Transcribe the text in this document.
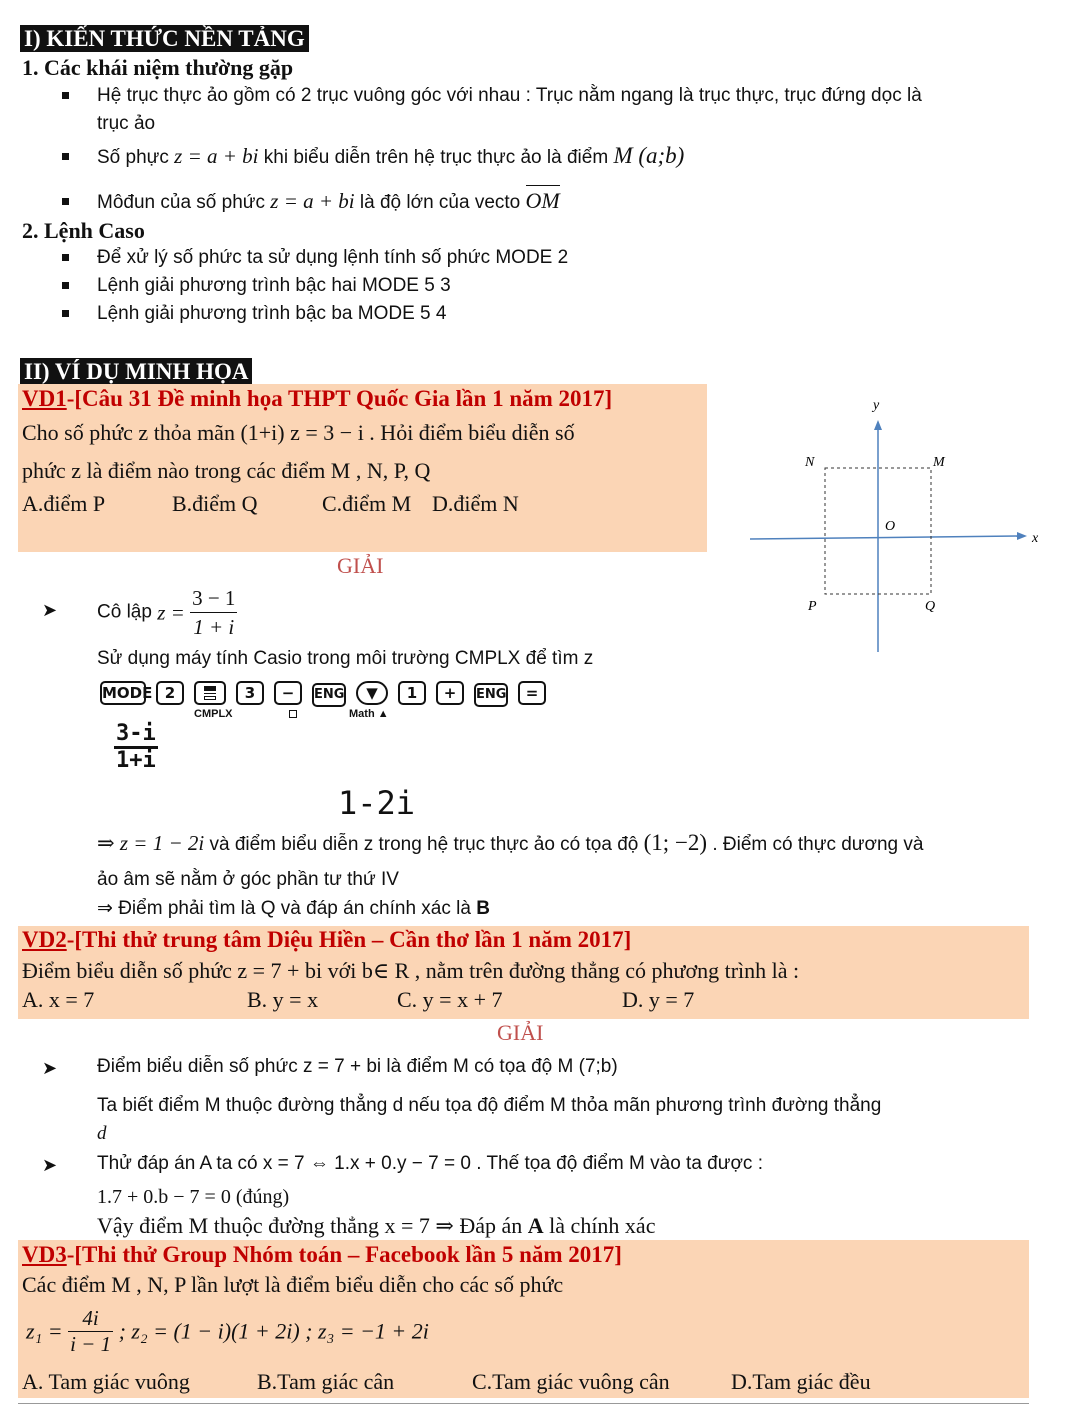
I) KIẾN THỨC NỀN TẢNG
1. Các khái niệm thường gặp
Hệ trục thực ảo gồm có 2 trục vuông góc với nhau : Trục nằm ngang là trục thực, trục đứng dọc là
trục ảo
Số phực z = a + bi khi biểu diễn trên hệ trục thực ảo là điểm M (a;b)
Môđun của số phức z = a + bi là độ lớn của vecto OM
2. Lệnh Caso
Để xử lý số phức ta sử dụng lệnh tính số phức MODE 2
Lệnh giải phương trình bậc hai MODE 5 3
Lệnh giải phương trình bậc ba MODE 5 4
II) VÍ DỤ MINH HỌA
VD1-[Câu 31 Đề minh họa THPT Quốc Gia lần 1 năm 2017]
Cho số phức z thỏa mãn (1+i) z = 3 − i . Hỏi điểm biểu diễn số
phức z là điểm nào trong các điểm M , N, P, Q
A.điểm P	B.điểm Q	C.điểm M D.điểm N
y
x
N	M
O
P	Q
GIẢI
➤ Cô lập $z = \frac{3 - 1}{1 + i}$
Sử dụng máy tính Casio trong môi trường CMPLX để tìm z
MODE 2	3 − ENG ▼ 1 + ENG =
CMPLX	Math ▲
3-i
1+i
1-2i
⇒ z = 1 − 2i và điểm biểu diễn z trong hệ trục thực ảo có tọa độ (1; −2) . Điểm có thực dương và
ảo âm sẽ nằm ở góc phần tư thứ IV
⇒ Điểm phải tìm là Q và đáp án chính xác là B
VD2-[Thi thử trung tâm Diệu Hiền – Cần thơ lần 1 năm 2017]
Điểm biểu diễn số phức z = 7 + bi với b∈ R , nằm trên đường thẳng có phương trình là :
A. x = 7	B. y = x	C. y = x + 7	D. y = 7
GIẢI
➤ Điểm biểu diễn số phức z = 7 + bi là điểm M có tọa độ M (7;b)
Ta biết điểm M thuộc đường thẳng d nếu tọa độ điểm M thỏa mãn phương trình đường thẳng
d
➤ Thử đáp án A ta có x = 7 ⇔ 1.x + 0.y − 7 = 0 . Thế tọa độ điểm M vào ta được :
1.7 + 0.b − 7 = 0 (đúng)
Vậy điểm M thuộc đường thẳng x = 7 ⇒ Đáp án A là chính xác
VD3-[Thi thử Group Nhóm toán – Facebook lần 5 năm 2017]
Các điểm M , N, P lần lượt là điểm biểu diễn cho các số phức
$z_1 = \frac{4i}{i - 1}$ ; z₂ = (1 − i)(1 + 2i) ; z₃ = −1 + 2i
A. Tam giác vuông	B.Tam giác cân	C.Tam giác vuông cân	D.Tam giác đều
